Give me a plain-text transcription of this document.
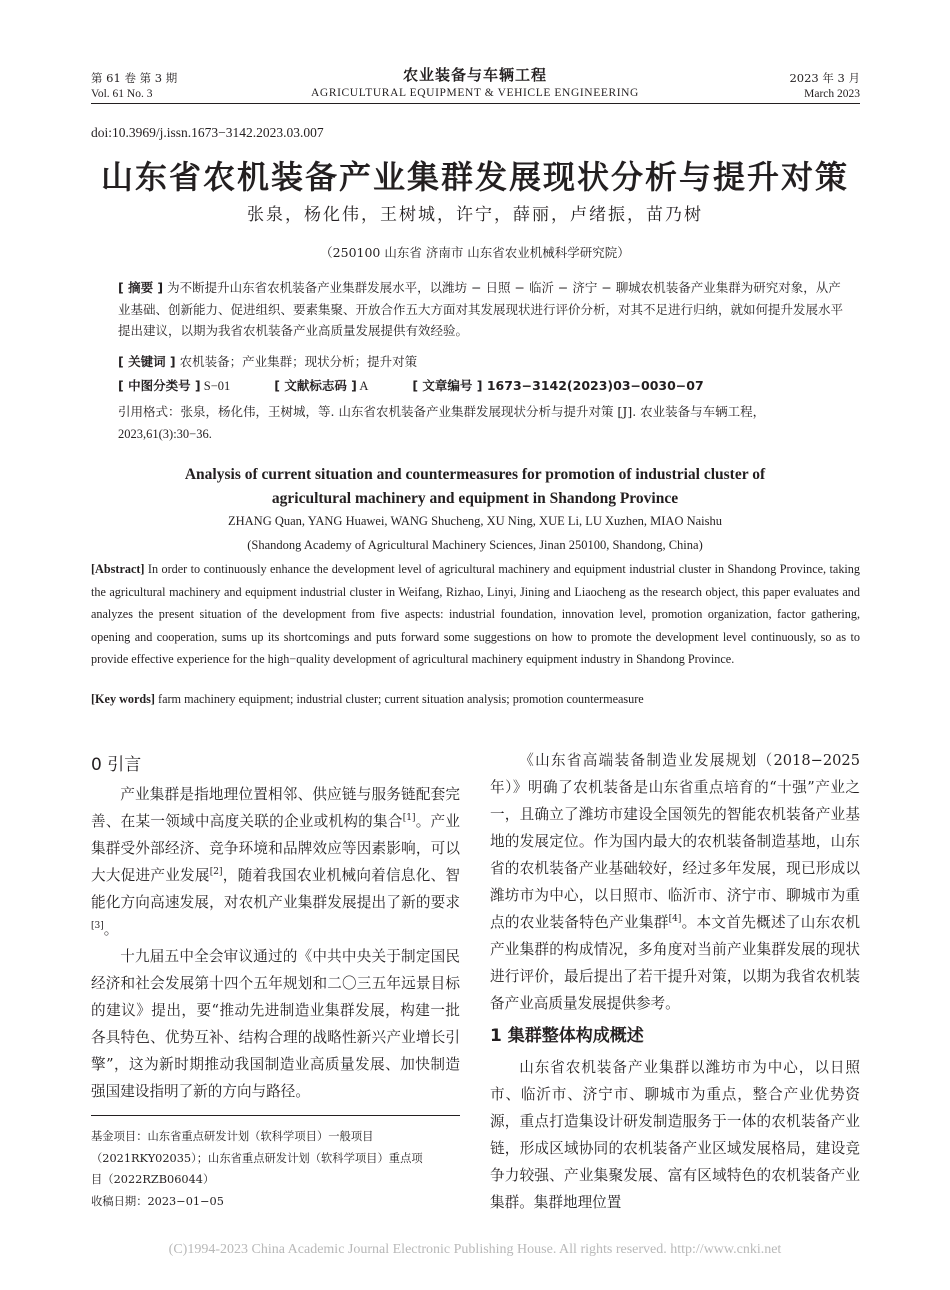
第 61 卷 第 3 期
Vol. 61 No. 3
农业装备与车辆工程
AGRICULTURAL EQUIPMENT & VEHICLE ENGINEERING
2023 年 3 月
March 2023
doi:10.3969/j.issn.1673−3142.2023.03.007
山东省农机装备产业集群发展现状分析与提升对策
张泉，杨化伟，王树城，许宁，薛丽，卢绪振，苗乃树
（250100 山东省 济南市 山东省农业机械科学研究院）
[ 摘要 ] 为不断提升山东省农机装备产业集群发展水平，以潍坊 − 日照 − 临沂 − 济宁 − 聊城农机装备产业集群为研究对象，从产业基础、创新能力、促进组织、要素集聚、开放合作五大方面对其发展现状进行评价分析，对其不足进行归纳，就如何提升发展水平提出建议，以期为我省农机装备产业高质量发展提供有效经验。
[ 关键词 ] 农机装备；产业集群；现状分析；提升对策
[ 中图分类号 ] S−01	[ 文献标志码 ] A	[ 文章编号 ] 1673−3142(2023)03−0030−07
引用格式：张泉，杨化伟，王树城，等. 山东省农机装备产业集群发展现状分析与提升对策 [J]. 农业装备与车辆工程，
2023,61(3):30−36.
Analysis of current situation and countermeasures for promotion of industrial cluster of
agricultural machinery and equipment in Shandong Province
ZHANG Quan, YANG Huawei, WANG Shucheng, XU Ning, XUE Li, LU Xuzhen, MIAO Naishu
(Shandong Academy of Agricultural Machinery Sciences, Jinan 250100, Shandong, China)
[Abstract] In order to continuously enhance the development level of agricultural machinery and equipment industrial cluster in Shandong Province, taking the agricultural machinery and equipment industrial cluster in Weifang, Rizhao, Linyi, Jining and Liaocheng as the research object, this paper evaluates and analyzes the present situation of the development from five aspects: industrial foundation, innovation level, promotion organization, factor gathering, opening and cooperation, sums up its shortcomings and puts forward some suggestions on how to promote the development level continuously, so as to provide effective experience for the high−quality development of agricultural machinery equipment industry in Shandong Province.
[Key words] farm machinery equipment; industrial cluster; current situation analysis; promotion countermeasure
0 引言

产业集群是指地理位置相邻、供应链与服务链配套完善、在某一领域中高度关联的企业或机构的集合[1]。产业集群受外部经济、竞争环境和品牌效应等因素影响，可以大大促进产业发展[2]，随着我国农业机械向着信息化、智能化方向高速发展，对农机产业集群发展提出了新的要求[3]。

十九届五中全会审议通过的《中共中央关于制定国民经济和社会发展第十四个五年规划和二〇三五年远景目标的建议》提出，要“推动先进制造业集群发展，构建一批各具特色、优势互补、结构合理的战略性新兴产业增长引擎”，这为新时期推动我国制造业高质量发展、加快制造强国建设指明了新的方向与路径。

基金项目：山东省重点研发计划（软科学项目）一般项目
（2021RKY02035）；山东省重点研发计划（软科学项目）重点项
目（2022RZB06044）
收稿日期：2023−01−05

《山东省高端装备制造业发展规划（2018−2025年）》明确了农机装备是山东省重点培育的“十强”产业之一，且确立了潍坊市建设全国领先的智能农机装备产业基地的发展定位。作为国内最大的农机装备制造基地，山东省的农机装备产业基础较好，经过多年发展，现已形成以潍坊市为中心，以日照市、临沂市、济宁市、聊城市为重点的农业装备特色产业集群[4]。本文首先概述了山东农机产业集群的构成情况，多角度对当前产业集群发展的现状进行评价，最后提出了若干提升对策，以期为我省农机装备产业高质量发展提供参考。

1 集群整体构成概述

山东省农机装备产业集群以潍坊市为中心，以日照市、临沂市、济宁市、聊城市为重点，整合产业优势资源，重点打造集设计研发制造服务于一体的农机装备产业链，形成区域协同的农机装备产业区域发展格局，建设竞争力较强、产业集聚发展、富有区域特色的农机装备产业集群。集群地理位置

(C)1994-2023 China Academic Journal Electronic Publishing House. All rights reserved. http://www.cnki.net
